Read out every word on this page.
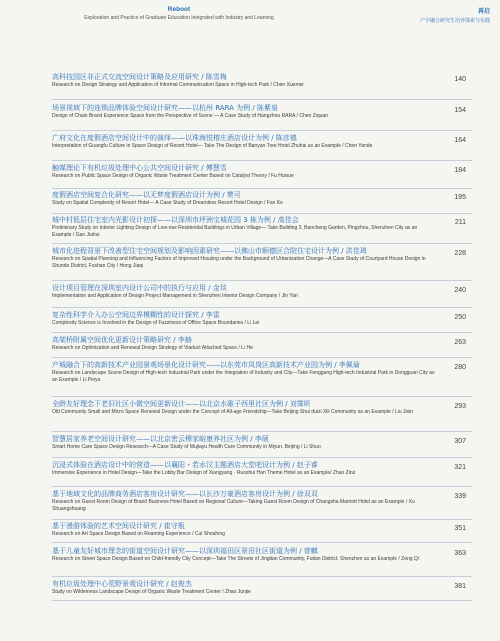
Reboot
Exploration and Practice of Graduate Education Integrated with Industry and Learning
再启
产学融合研究生培养探索与实践
高科技园区非正式交流空间设计策略及应用研究 / 陈雪梅
Research on Design Strategy and Application of Informal Communication Space in High-tech Park / Chen Xuemei
140
场景视域下的连锁品牌体验空间设计研究——以杭州 RARA 为例 / 陈紫泉
Design of Chain Brand Experience Space from the Perspective of Scene — A Case Study of Hangzhou RARA / Chen Ziquan
154
广府文化在度假酒店空间设计中的演绎——以珠海悦榕庄酒店设计为例 / 陈彦德
Interpretation of Guangfu Culture in Space Design of Resort Hotel— Take The Design of Banyan Tree Hotel Zhuhai as an Example / Chen Yande
164
触媒理论下有机垃圾处理中心公共空间设计研究 / 傅慧雪
Research on Public Space Design of Organic Waste Treatment Center Based on Catalyst Theory / Fu Huixue
184
度假酒店空间复合化研究——以无梦度假酒店设计为例 / 樊可
Study on Spatial Complexity of Resort Hotel— A Case Study of Dreamless Resort Hotel Design / Fan Ke
195
城中村低层住宅室内光影设计初探——以深圳市坪洲宝城花园 3 栋为例 / 高佳会
Preliminary Study on Interior Lighting Design of Low-rise Residential Buildings in Urban Village— Take Building 3, Baocheng Garden, Pingzhou, Shenzhen City as an Example / Gao Jiahui
211
城市化进程背景下改善型住宅空间规划及影响因素研究——以佛山市顺德区合院住宅设计为例 / 洪佳琦
Research on Spatial Planning and Influencing Factors of Improved Housing under the Background of Urbanization Change—A Case Study of Courtyard House Design in Shunde District, Foshan City / Hong Jiaqi
228
设计项目管理在深圳室内设计公司中的执行与应用 / 金琰
Implementation and Application of Design Project Management in Shenzhen Interior Design Company / Jin Yan
240
复杂性科学介入办公空间边界模糊性的设计探究 / 李雷
Complexity Science is Involved in the Design of Fuzziness of Office Space Boundaries / Li Lei
250
高架桥附属空间优化更新设计策略研究 / 李赫
Research on Optimization and Renewal Design Strategy of Viaduct Attached Space / Li He
263
产城融合下的高新技术产业园景观场景化设计研究——以东莞市凤岗区高新技术产业园为例 / 李佩瑜
Research on Landscape Scene Design of High-tech Industrial Park under the Integration of Industry and City—Take Fenggang High-tech Industrial Park in Dongguan City as an Example / Li Peiyu
280
全龄友好理念下老旧社区小微空间更新设计——以北京水碓子西里社区为例 / 刘霁昕
Old Community Small and Micro Space Renewal Design under the Concept of All-age Friendship—Take Beijing Shui duizi Xili Community as an Example / Liu Jixin
293
智慧居家养老空间设计研究——以北京密云穆家峪康养社区为例 / 李硕
Smart Home Care Space Design Research—A Case Study of Mujiayu Health Care Community in Miyun, Beijing / Li Shuo
307
沉浸式体验在酒店设计中的营造——以襄阳・若水汉主题酒店大堂吧设计为例 / 赵子睿
Immersive Experience in Hotel Design—Take the Lobby Bar Design of Xiangyang · Ruoshui Han Theme Hotel as an Example/ Zhao Zirui
321
基于地域文化的品牌商务酒店客房设计研究——以长沙万豪酒店客房设计为例 / 徐双双
Research on Guest Room Design of Brand Business Hotel Based on Regional Culture—Taking Guest Room Design of Changsha Marriott Hotel as an Example / Xu Shuangshuang
339
基于漫游体验的艺术空间设计研究 / 崔守瓶
Research on Art Space Design Based on Roaming Experience / Cui Shouhing
351
基于儿童友好城市理念的街道空间设计研究——以深圳福田区景田社区街道为例 / 曾麒
Research on Street Space Design Based on Child-friendly City Concept—Take The Streets of Jingtian Community, Futian District, Shenzhen as an Example / Zeng Qi
363
有机垃圾处理中心荒野景观设计研究 / 赵俊杰
Study on Wilderness Landscape Design of Organic Waste Treatment Center / Zhao Junjie
381
